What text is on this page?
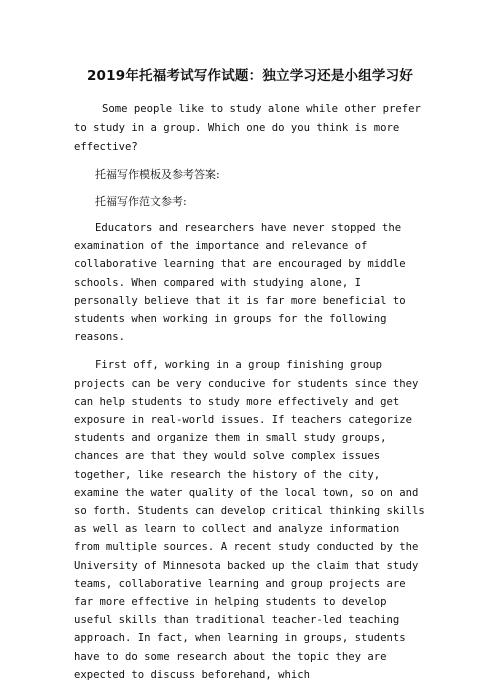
2019年托福考试写作试题：独立学习还是小组学习好

Some people like to study alone while other prefer to study in a group. Which one do you think is more effective?

托福写作模板及参考答案:

托福写作范文参考:

Educators and researchers have never stopped the examination of the importance and relevance of collaborative learning that are encouraged by middle schools. When compared with studying alone, I personally believe that it is far more beneficial to students when working in groups for the following reasons.

First off, working in a group finishing group projects can be very conducive for students since they can help students to study more effectively and get exposure in real-world issues. If teachers categorize students and organize them in small study groups, chances are that they would solve complex issues together, like research the history of the city, examine the water quality of the local town, so on and so forth. Students can develop critical thinking skills as well as learn to collect and analyze information from multiple sources. A recent study conducted by the University of Minnesota backed up the claim that study teams, collaborative learning and group projects are far more effective in helping students to develop useful skills than traditional teacher-led teaching approach. In fact, when learning in groups, students have to do some research about the topic they are expected to discuss beforehand, which
